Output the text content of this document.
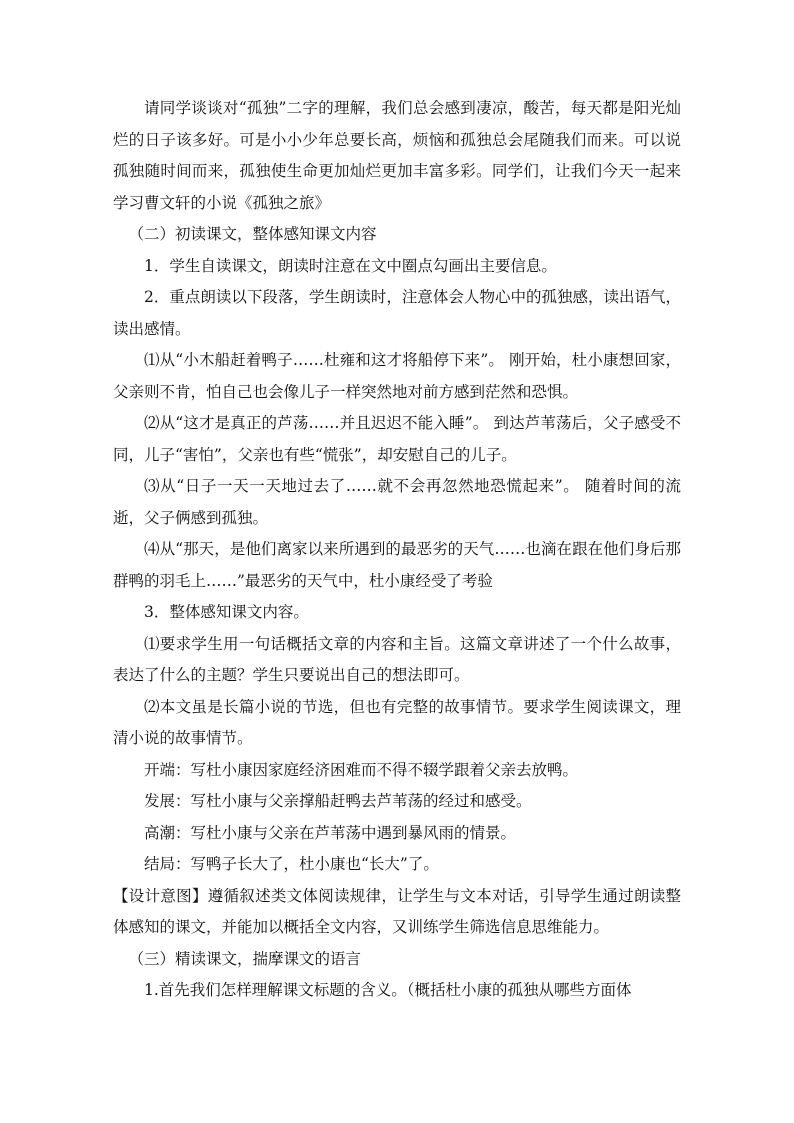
请同学谈谈对“孤独”二字的理解，我们总会感到凄凉，酸苦，每天都是阳光灿烂的日子该多好。可是小小少年总要长高，烦恼和孤独总会尾随我们而来。可以说孤独随时间而来，孤独使生命更加灿烂更加丰富多彩。同学们，让我们今天一起来学习曹文轩的小说《孤独之旅》

（二）初读课文，整体感知课文内容

1．学生自读课文，朗读时注意在文中圈点勾画出主要信息。

2．重点朗读以下段落，学生朗读时，注意体会人物心中的孤独感，读出语气，读出感情。

⑴从“小木船赶着鸭子……杜雍和这才将船停下来”。 刚开始，杜小康想回家，父亲则不肯，怕自己也会像儿子一样突然地对前方感到茫然和恐惧。

⑵从“这才是真正的芦荡……并且迟迟不能入睡”。 到达芦苇荡后，父子感受不同，儿子“害怕”，父亲也有些“慌张”，却安慰自己的儿子。

⑶从“日子一天一天地过去了……就不会再忽然地恐慌起来”。 随着时间的流逝，父子俩感到孤独。

⑷从“那天，是他们离家以来所遇到的最恶劣的天气……也滴在跟在他们身后那群鸭的羽毛上……”最恶劣的天气中，杜小康经受了考验

3．整体感知课文内容。

⑴要求学生用一句话概括文章的内容和主旨。这篇文章讲述了一个什么故事，表达了什么的主题？学生只要说出自己的想法即可。

⑵本文虽是长篇小说的节选，但也有完整的故事情节。要求学生阅读课文，理清小说的故事情节。

开端：写杜小康因家庭经济困难而不得不辍学跟着父亲去放鸭。

发展：写杜小康与父亲撑船赶鸭去芦苇荡的经过和感受。

高潮：写杜小康与父亲在芦苇荡中遇到暴风雨的情景。

结局：写鸭子长大了，杜小康也“长大”了。

【设计意图】遵循叙述类文体阅读规律，让学生与文本对话，引导学生通过朗读整体感知的课文，并能加以概括全文内容，又训练学生筛选信息思维能力。

（三）精读课文，揣摩课文的语言

1.首先我们怎样理解课文标题的含义。（概括杜小康的孤独从哪些方面体
